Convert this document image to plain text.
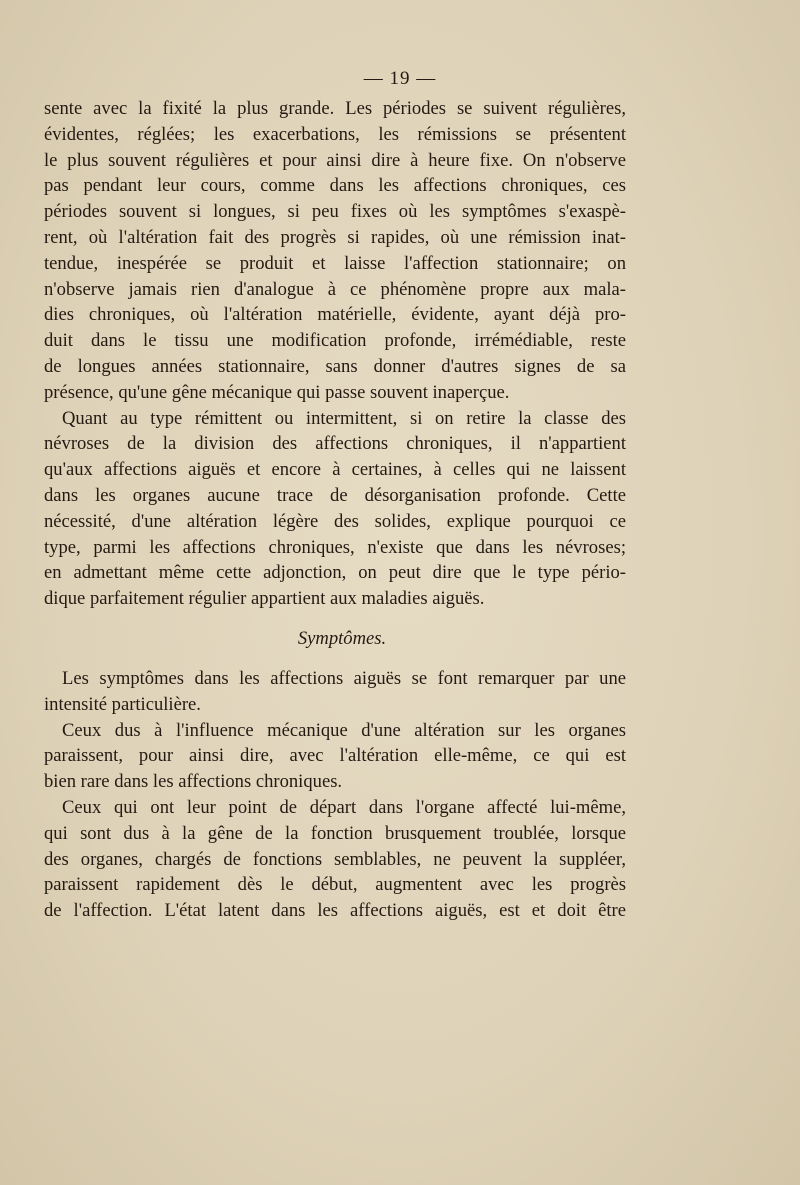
— 19 —

sente avec la fixité la plus grande. Les périodes se suivent régulières,
évidentes, réglées; les exacerbations, les rémissions se présentent
le plus souvent régulières et pour ainsi dire à heure fixe. On n'observe
pas pendant leur cours, comme dans les affections chroniques, ces
périodes souvent si longues, si peu fixes où les symptômes s'exaspè-
rent, où l'altération fait des progrès si rapides, où une rémission inat-
tendue, inespérée se produit et laisse l'affection stationnaire; on
n'observe jamais rien d'analogue à ce phénomène propre aux mala-
dies chroniques, où l'altération matérielle, évidente, ayant déjà pro-
duit dans le tissu une modification profonde, irrémédiable, reste
de longues années stationnaire, sans donner d'autres signes de sa
présence, qu'une gêne mécanique qui passe souvent inaperçue.

Quant au type rémittent ou intermittent, si on retire la classe des
névroses de la division des affections chroniques, il n'appartient
qu'aux affections aiguës et encore à certaines, à celles qui ne laissent
dans les organes aucune trace de désorganisation profonde. Cette
nécessité, d'une altération légère des solides, explique pourquoi ce
type, parmi les affections chroniques, n'existe que dans les névroses;
en admettant même cette adjonction, on peut dire que le type pério-
dique parfaitement régulier appartient aux maladies aiguës.

Symptômes.

Les symptômes dans les affections aiguës se font remarquer par une
intensité particulière.

Ceux dus à l'influence mécanique d'une altération sur les organes
paraissent, pour ainsi dire, avec l'altération elle-même, ce qui est
bien rare dans les affections chroniques.

Ceux qui ont leur point de départ dans l'organe affecté lui-même,
qui sont dus à la gêne de la fonction brusquement troublée, lorsque
des organes, chargés de fonctions semblables, ne peuvent la suppléer,
paraissent rapidement dès le début, augmentent avec les progrès
de l'affection. L'état latent dans les affections aiguës, est et doit être
